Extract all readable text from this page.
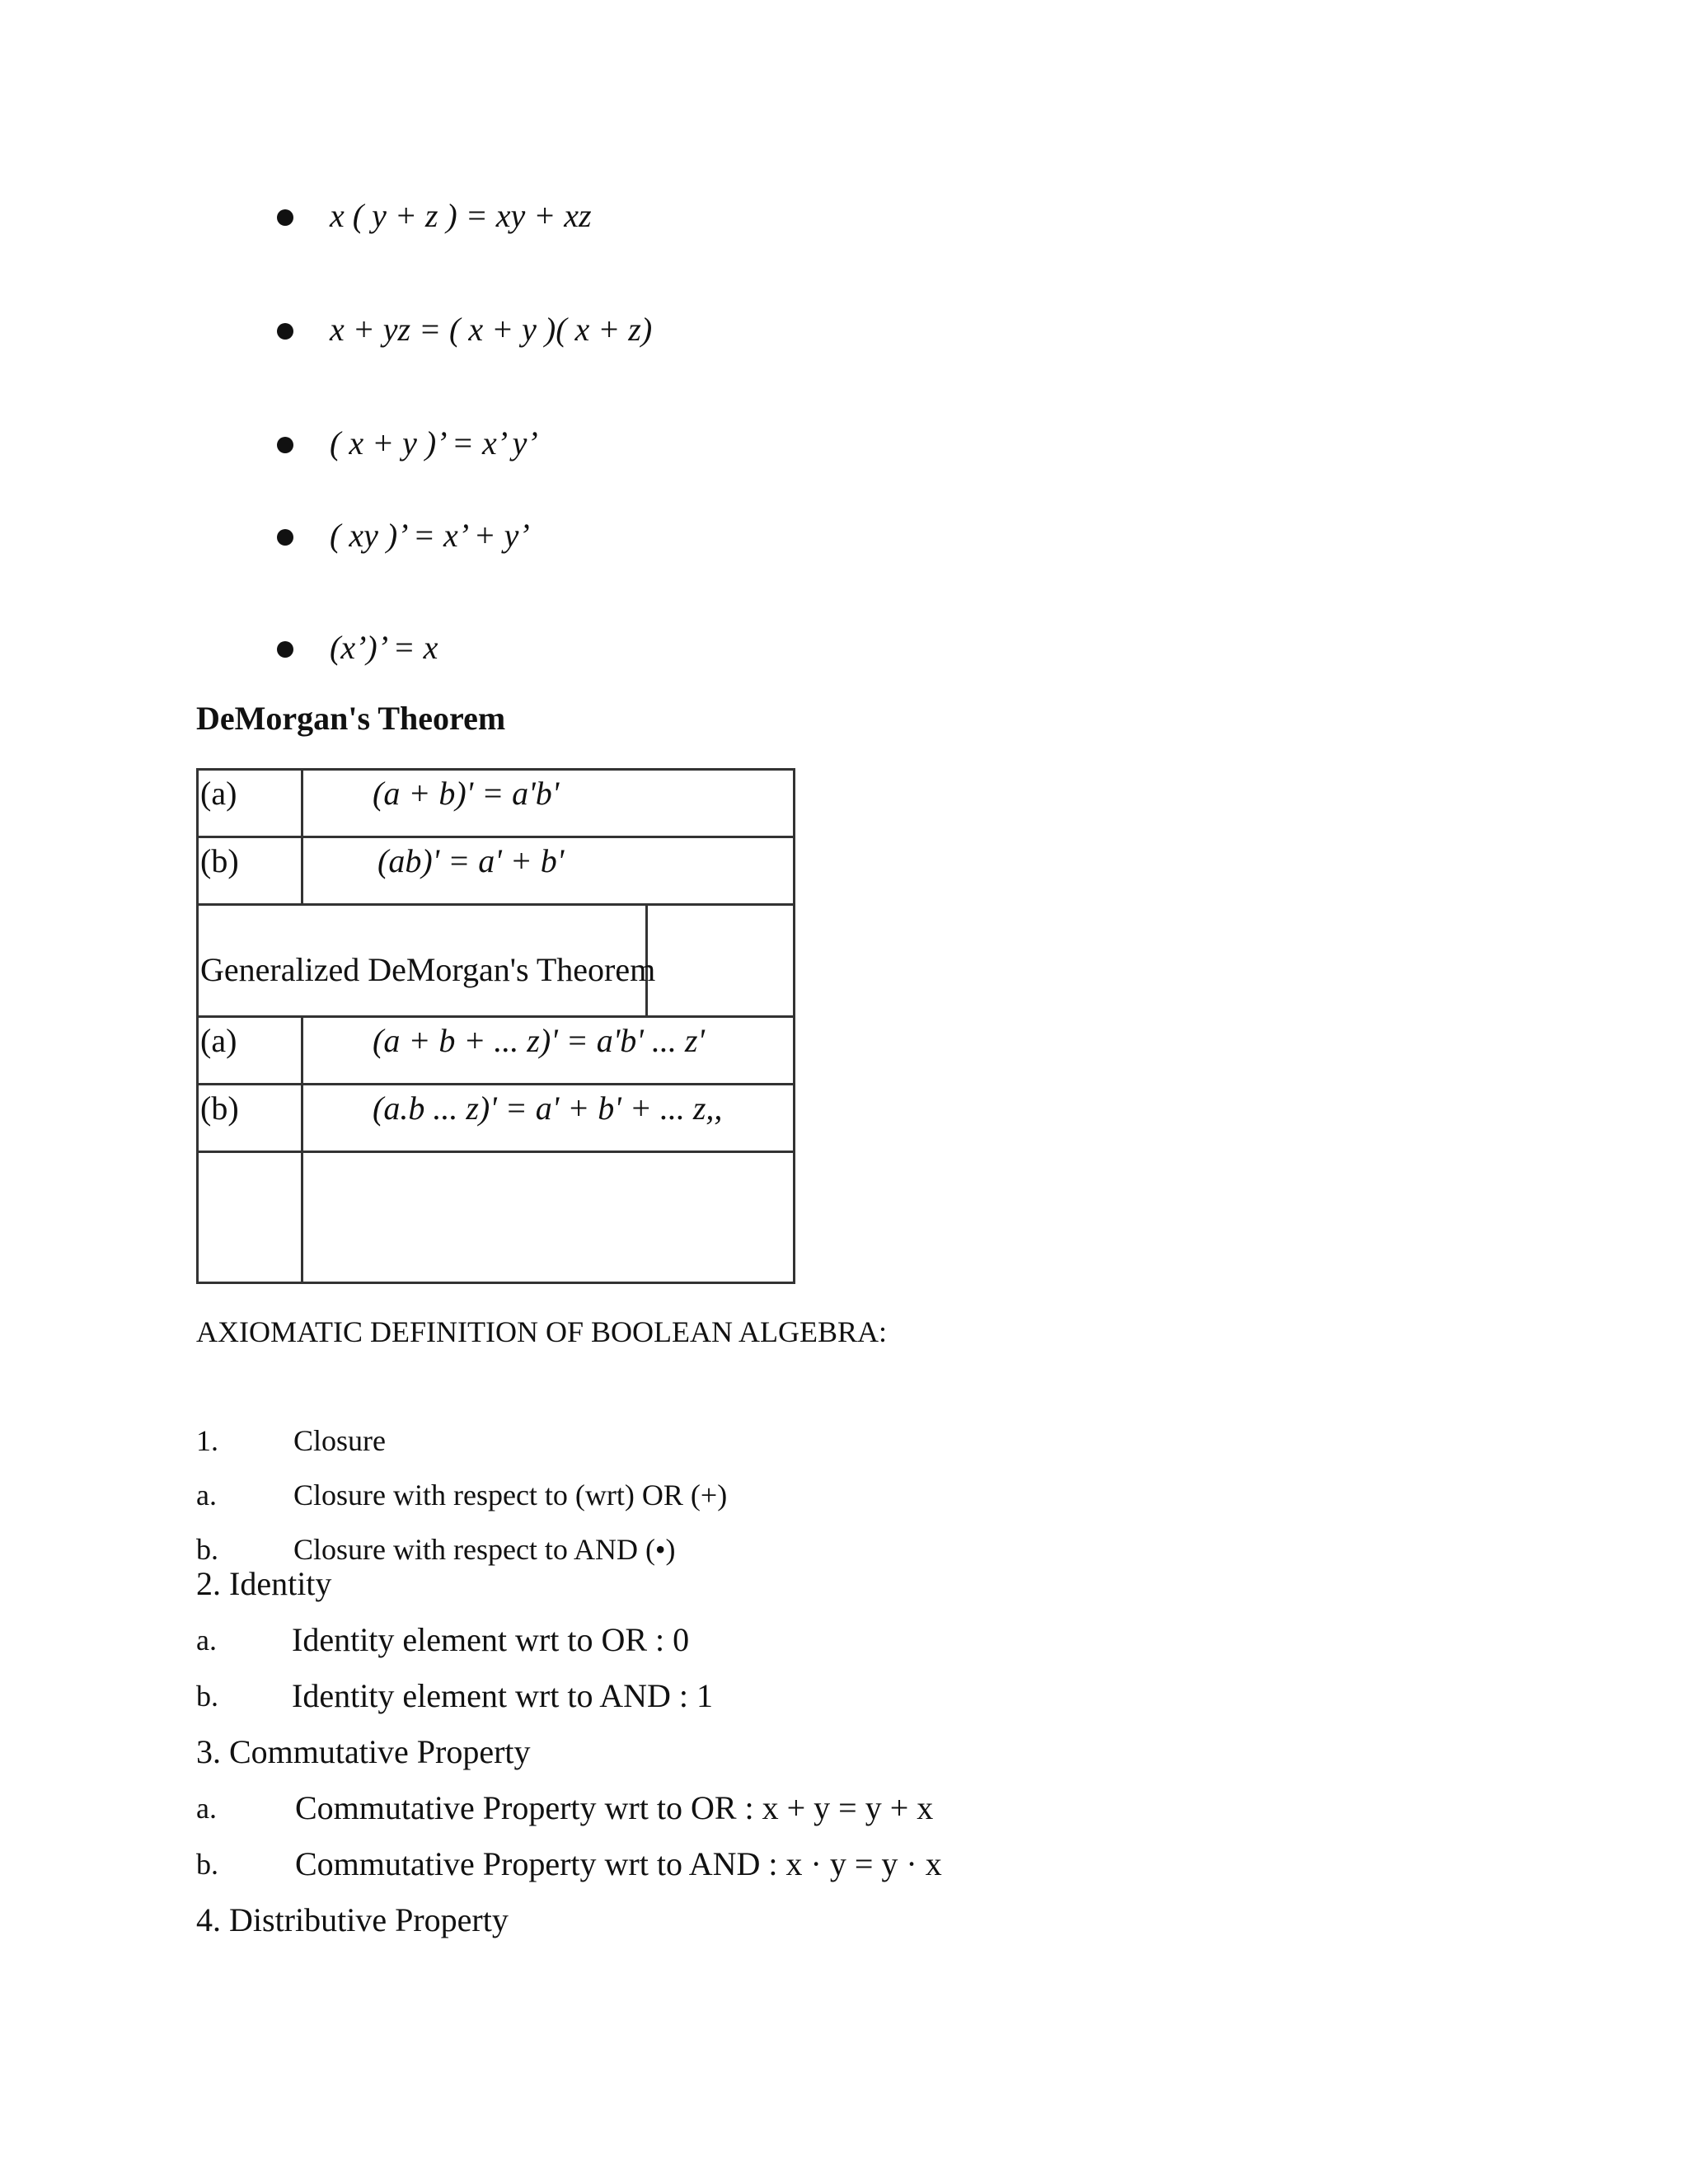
x ( y + z ) = xy + xz
x + yz = ( x + y )( x + z)
( x + y )’ = x’ y’
( xy )’ = x’ + y’
(x’)’ = x
DeMorgan's Theorem
(a)	(a + b)' = a'b'
(b)	(ab)' = a' + b'
Generalized DeMorgan's Theorem
(a)	(a + b + ... z)' = a'b' ... z'
(b)	(a.b ... z)' = a' + b' + ... z,,
AXIOMATIC DEFINITION OF BOOLEAN ALGEBRA:
1.	Closure
a.	Closure with respect to (wrt) OR (+)
b.	Closure with respect to AND (•)
2. Identity
a. Identity element wrt to OR : 0
b. Identity element wrt to AND : 1
3. Commutative Property
a. Commutative Property wrt to OR : x + y = y + x
b. Commutative Property wrt to AND : x · y = y · x
4. Distributive Property
